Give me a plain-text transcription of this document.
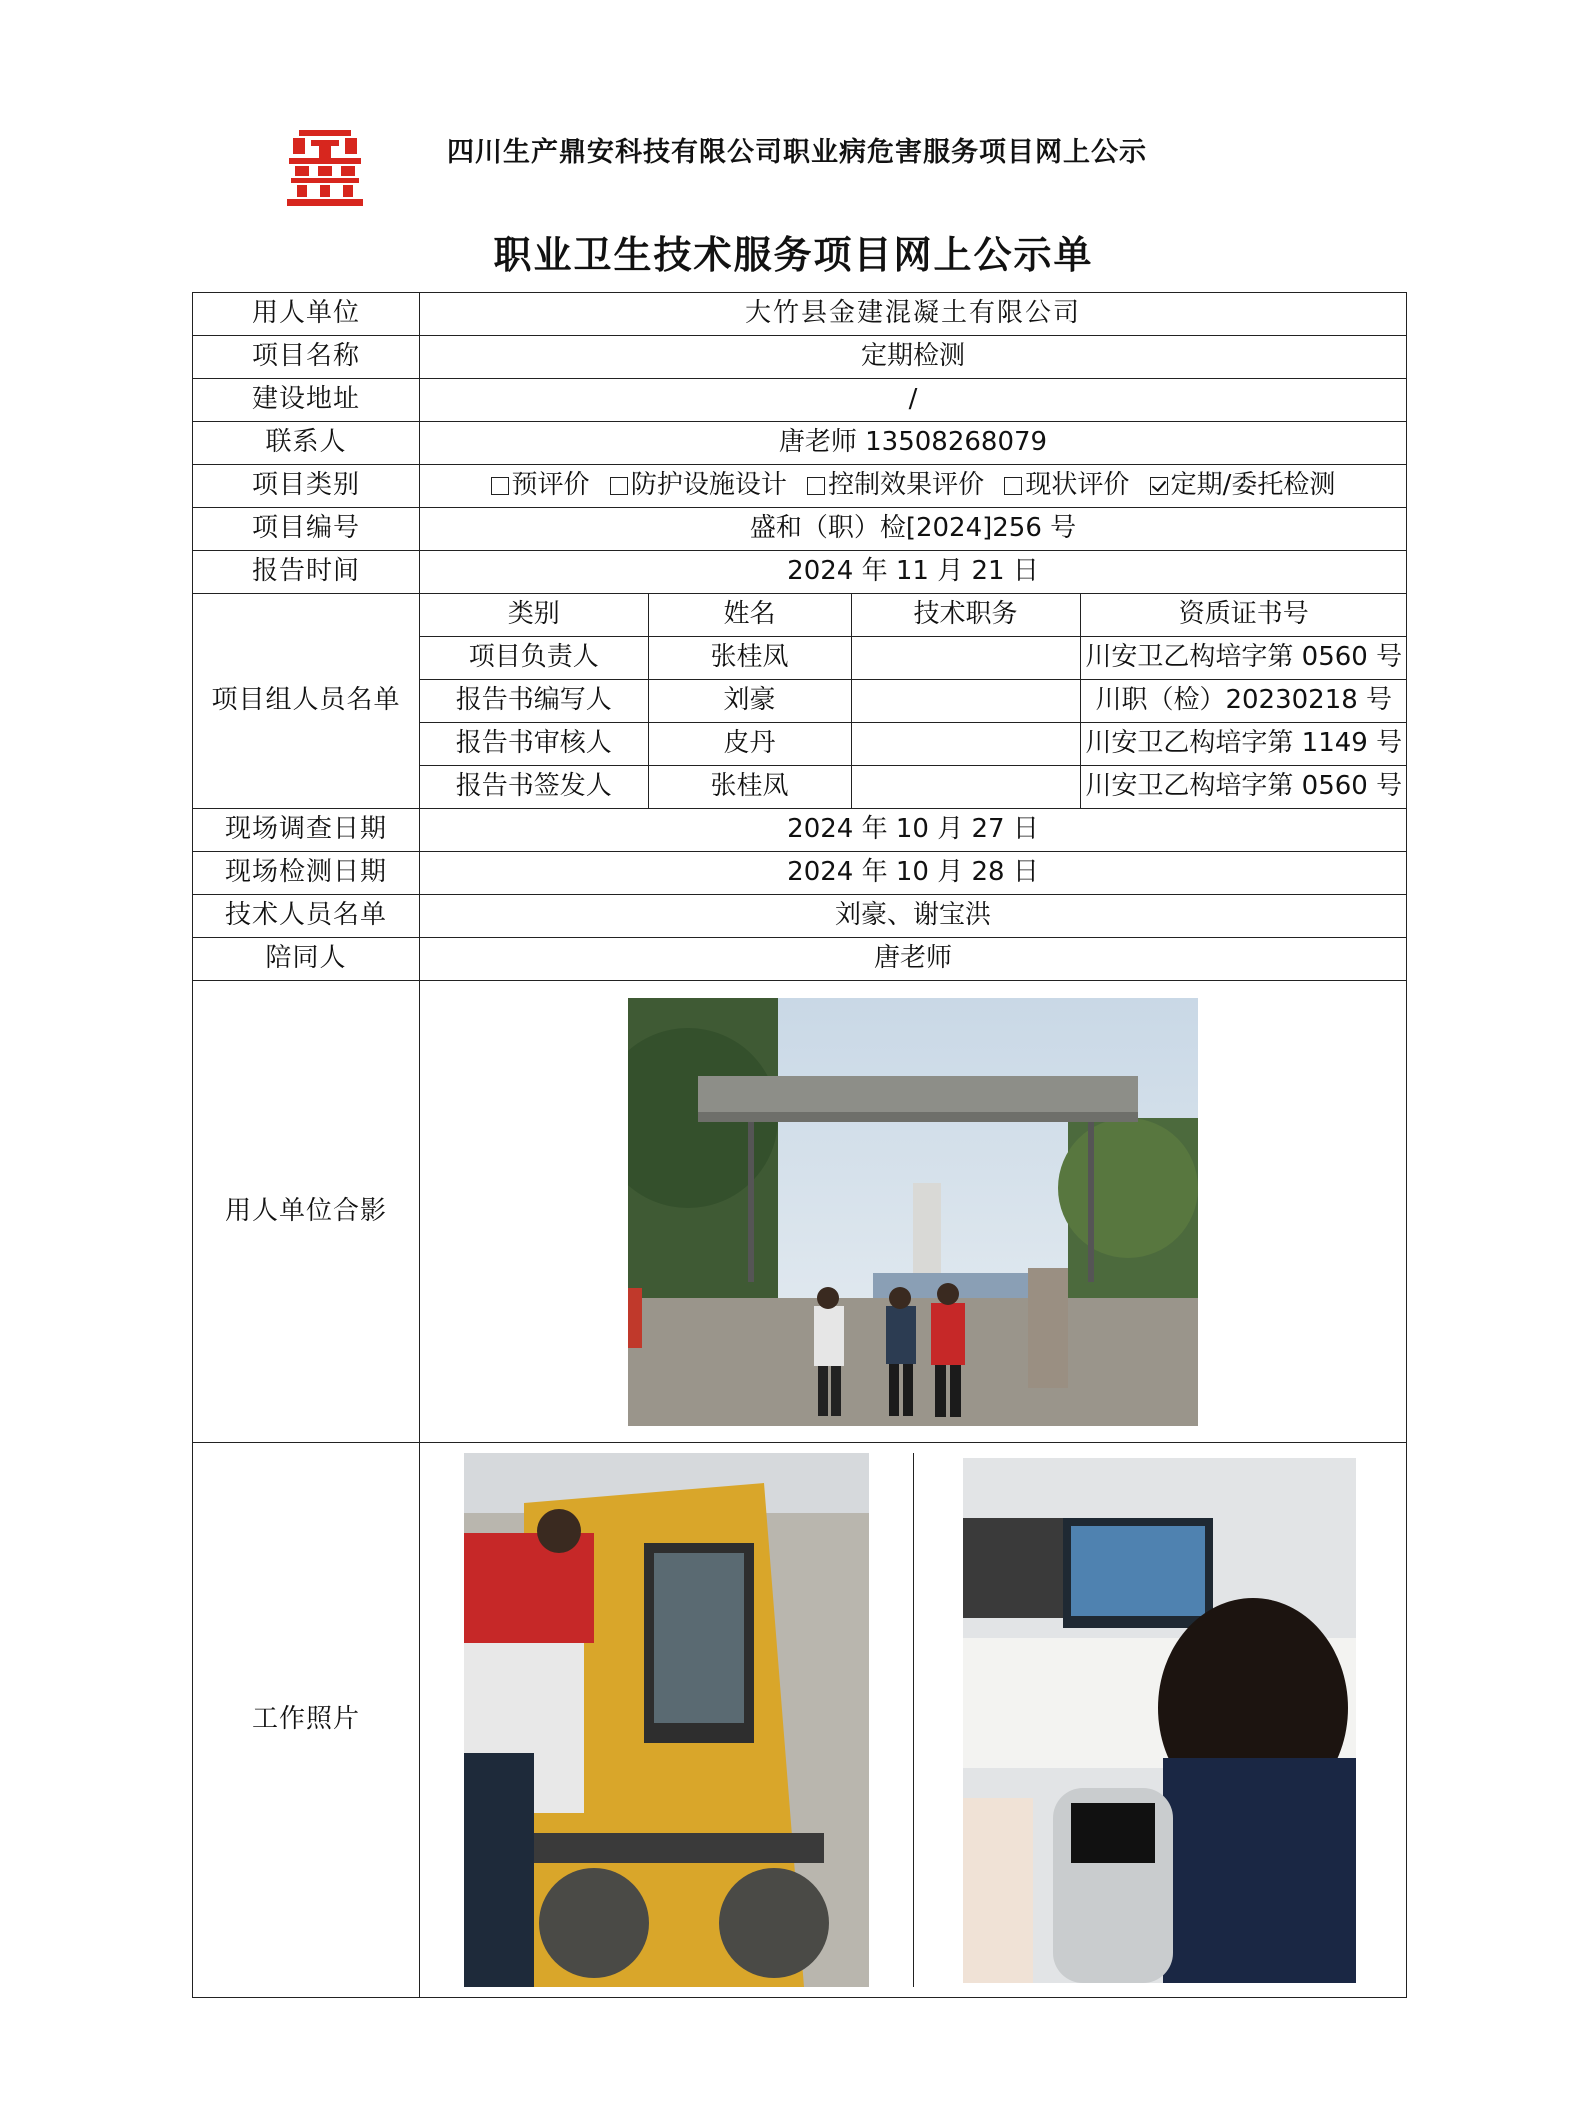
四川生产鼎安科技有限公司职业病危害服务项目网上公示
职业卫生技术服务项目网上公示单
用人单位	大竹县金建混凝土有限公司
项目名称	定期检测
建设地址	/
联系人	唐老师 13508268079
项目类别	预评价 防护设施设计 控制效果评价 现状评价 定期/委托检测
项目编号	盛和（职）检[2024]256 号
报告时间	2024 年 11 月 21 日
项目组人员名单	
类别	姓名	技术职务	资质证书号
项目负责人	张桂凤		川安卫乙构培字第 0560 号
报告书编写人	刘豪		川职（检）20230218 号
报告书审核人	皮丹		川安卫乙构培字第 1149 号
报告书签发人	张桂凤		川安卫乙构培字第 0560 号

现场调查日期	2024 年 10 月 27 日
现场检测日期	2024 年 10 月 28 日
技术人员名单	刘豪、谢宝洪
陪同人	唐老师
用人单位合影	

工作照片	
